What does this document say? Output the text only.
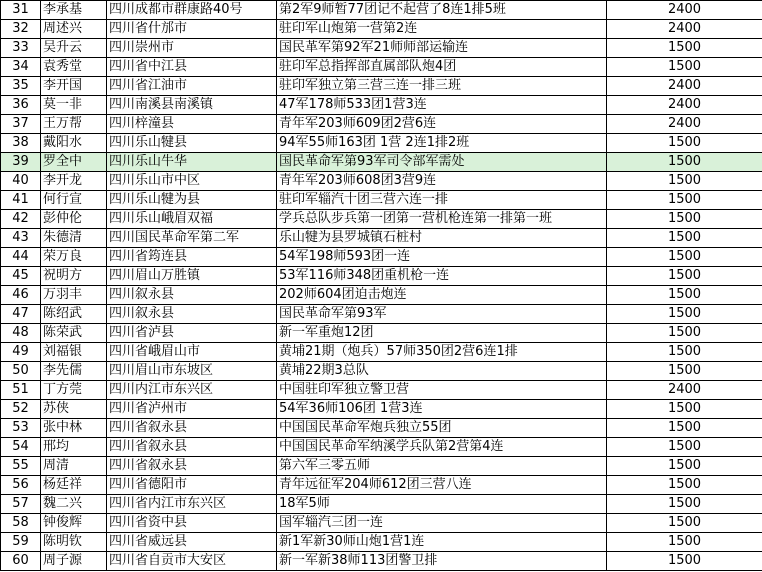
31	李承基	四川成都市群康路40号	第2军9师暂77团记不起营了8连1排5班	2400
32	周述兴	四川省什邡市	驻印军山炮第一营第2连	2400
33	吴升云	四川崇州市	国民革军第92军21师师部运输连	1500
34	袁秀堂	四川省中江县	驻印军总指挥部直属部队炮4团	1500
35	李开国	四川省江油市	驻印军独立第三营三连一排三班	2400
36	莫一非	四川南溪县南溪镇	47军178师533团1营3连	2400
37	王万帮	四川梓潼县	青年军203师609团2营6连	2400
38	戴阳水	四川乐山犍县	94军55师163团 1营 2连1排2班	1500
39	罗全中	四川乐山牛华	国民革命军第93军司令部军需处	1500
40	李开龙	四川乐山市中区	青年军203师608团3营9连	1500
41	何行宣	四川乐山犍为县	驻印军辎汽十团三营六连一排	1500
42	彭仲伦	四川乐山峨眉双福	学兵总队步兵第一团第一营机枪连第一排第一班	1500
43	朱德清	四川国民革命军第二军	乐山犍为县罗城镇石桩村	1500
44	荣万良	四川省筠连县	54军198师593团一连	1500
45	祝明方	四川眉山万胜镇	53军116师348团重机枪一连	1500
46	万羽丰	四川叙永县	202师604团迫击炮连	1500
47	陈绍武	四川叙永县	国民革命军第93军	1500
48	陈荣武	四川省泸县	新一军重炮12团	1500
49	刘福银	四川省峨眉山市	黄埔21期（炮兵）57师350团2营6连1排	1500
50	李先儒	四川眉山市东坡区	黄埔22期3总队	1500
51	丁方莞	四川内江市东兴区	中国驻印军独立警卫营	2400
52	苏侠	四川省泸州市	54军36师106团 1营3连	1500
53	张中林	四川省叙永县	中国国民革命军炮兵独立55团	1500
54	邢均	四川省叙永县	中国国民革命军纳溪学兵队第2营第4连	1500
55	周清	四川省叙永县	第六军三零五师	1500
56	杨廷祥	四川省德阳市	青年远征军204师612团三营八连	1500
57	魏二兴	四川省内江市东兴区	18军5师	1500
58	钟俊辉	四川省资中县	国军辎汽三团一连	1500
59	陈明钦	四川省威远县	新1军新30师山炮1营1连	1500
60	周子源	四川省自贡市大安区	新一军新38师113团警卫排	1500
